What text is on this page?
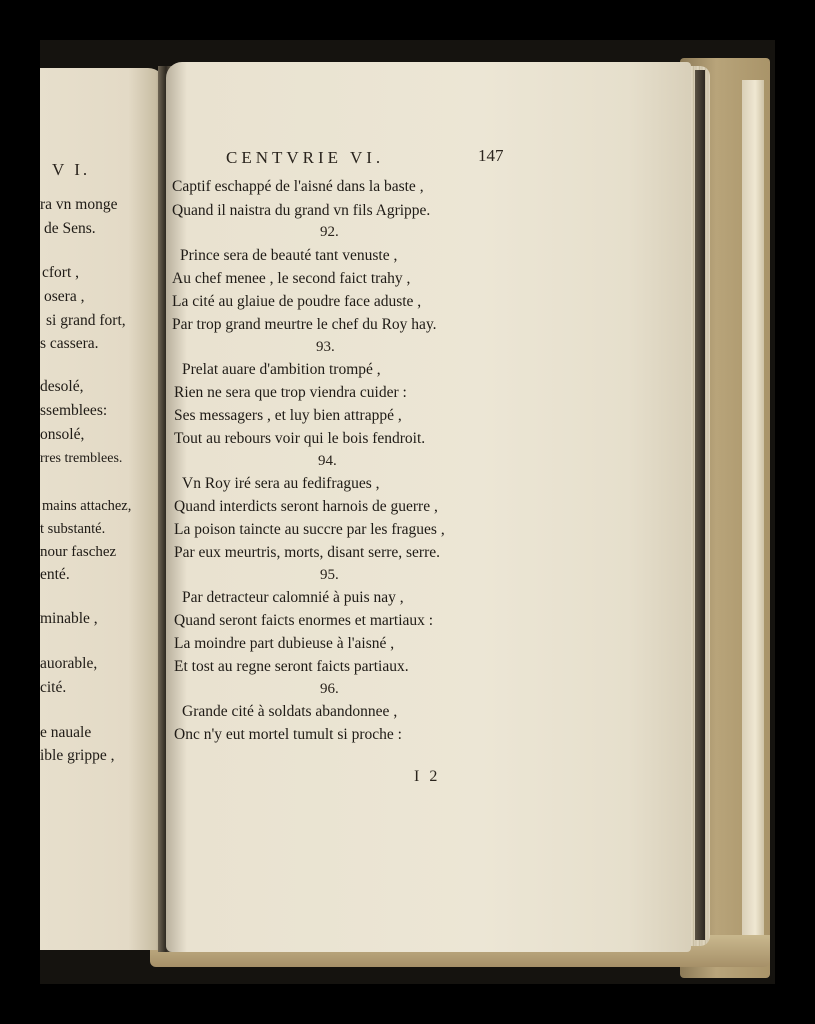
V I.
ra vn monge
de Sens.
cfort ,
osera ,
si grand fort,
s cassera.
desolé,
ssemblees:
onsolé,
rres tremblees.
mains attachez,
t substanté.
nour faschez
enté.
minable ,
auorable,
cité.
e nauale
ible grippe ,
CENTVRIE VI.	147
Captif eschappé de l'aisné dans la baste ,
Quand il naistra du grand vn fils Agrippe.
92.
Prince sera de beauté tant venuste ,
Au chef menee , le second faict trahy ,
La cité au glaiue de poudre face aduste ,
Par trop grand meurtre le chef du Roy hay.
93.
Prelat auare d'ambition trompé ,
Rien ne sera que trop viendra cuider :
Ses messagers , et luy bien attrappé ,
Tout au rebours voir qui le bois fendroit.
94.
Vn Roy iré sera au fedifragues ,
Quand interdicts seront harnois de guerre ,
La poison taincte au succre par les fragues ,
Par eux meurtris, morts, disant serre, serre.
95.
Par detracteur calomnié à puis nay ,
Quand seront faicts enormes et martiaux :
La moindre part dubieuse à l'aisné ,
Et tost au regne seront faicts partiaux.
96.
Grande cité à soldats abandonnee ,
Onc n'y eut mortel tumult si proche :
I 2
